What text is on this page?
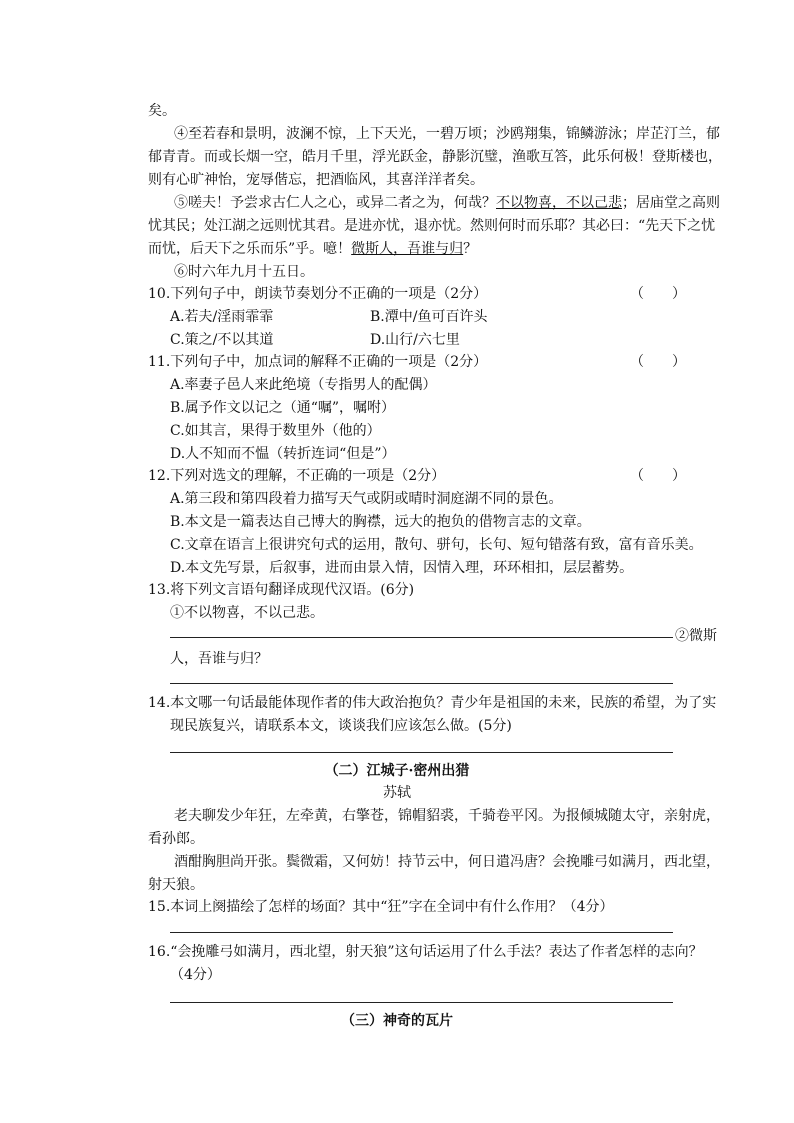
矣。
④至若春和景明，波澜不惊，上下天光，一碧万顷；沙鸥翔集，锦鳞游泳；岸芷汀兰，郁
郁青青。而或长烟一空，皓月千里，浮光跃金，静影沉璧，渔歌互答，此乐何极！登斯楼也，
则有心旷神怡，宠辱偕忘，把酒临风，其喜洋洋者矣。
⑤嗟夫！予尝求古仁人之心，或异二者之为，何哉？不以物喜，不以己悲；居庙堂之高则
忧其民；处江湖之远则忧其君。是进亦忧，退亦忧。然则何时而乐耶？其必曰：“先天下之忧
而忧，后天下之乐而乐”乎。噫！微斯人，吾谁与归？
⑥时六年九月十五日。
10.下列句子中，朗读节奏划分不正确的一项是（2分）	（　　）
A.若夫/淫雨霏霏	B.潭中/鱼可百许头
C.策之/不以其道	D.山行/六七里
11.下列句子中，加点词的解释不正确的一项是（2分）	（　　）
A.率妻子邑人来此绝境（专指男人的配偶）
B.属予作文以记之（通“嘱”，嘱咐）
C.如其言，果得于数里外（他的）
D.人不知而不愠（转折连词“但是”）
12.下列对选文的理解，不正确的一项是（2分）	（　　）
A.第三段和第四段着力描写天气或阴或晴时洞庭湖不同的景色。
B.本文是一篇表达自己博大的胸襟，远大的抱负的借物言志的文章。
C.文章在语言上很讲究句式的运用，散句、骈句，长句、短句错落有致，富有音乐美。
D.本文先写景，后叙事，进而由景入情，因情入理，环环相扣，层层蓄势。
13.将下列文言语句翻译成现代汉语。(6分)
①不以物喜，不以己悲。
②微斯
人，吾谁与归？
14.本文哪一句话最能体现作者的伟大政治抱负？青少年是祖国的未来，民族的希望，为了实
现民族复兴，请联系本文，谈谈我们应该怎么做。(5分)
（二）江城子·密州出猎
苏轼
老夫聊发少年狂，左牵黄，右擎苍，锦帽貂裘，千骑卷平冈。为报倾城随太守，亲射虎，
看孙郎。
酒酣胸胆尚开张。鬓微霜，又何妨！持节云中，何日遣冯唐？会挽雕弓如满月，西北望，
射天狼。
15.本词上阕描绘了怎样的场面？其中“狂”字在全词中有什么作用？（4分）
16.“会挽雕弓如满月，西北望，射天狼”这句话运用了什么手法？表达了作者怎样的志向？
（4分）
（三）神奇的瓦片
